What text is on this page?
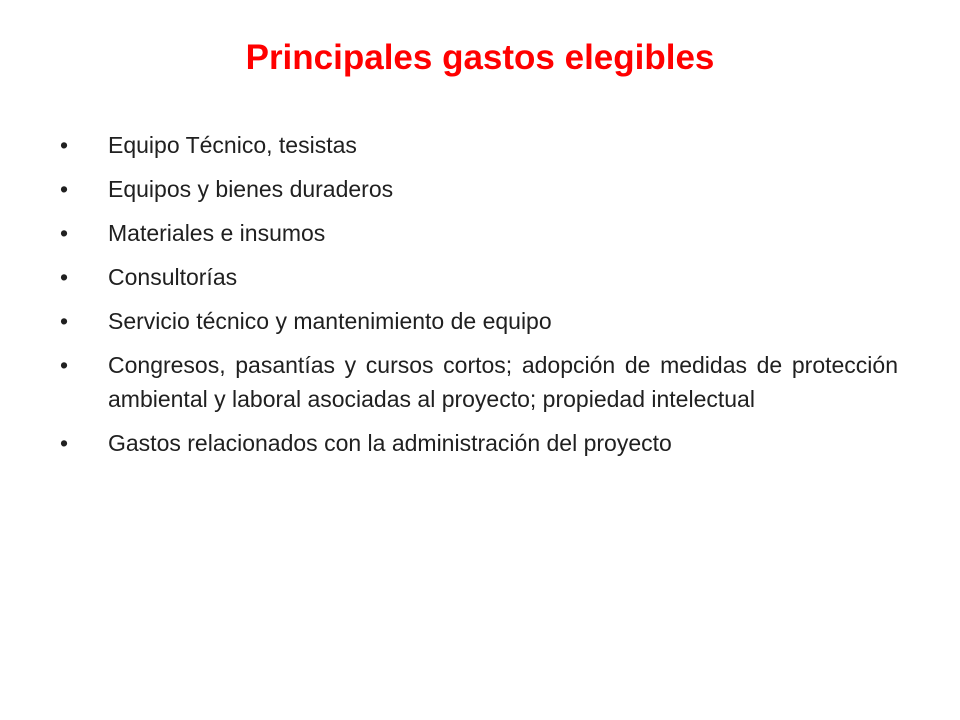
Principales gastos elegibles
•	Equipo Técnico, tesistas
•	Equipos y bienes duraderos
•	Materiales e insumos
•	Consultorías
•	Servicio técnico y mantenimiento de equipo
•	Congresos, pasantías y cursos cortos; adopción de medidas de protección ambiental y laboral asociadas al proyecto; propiedad intelectual
•	Gastos relacionados con la administración del proyecto
